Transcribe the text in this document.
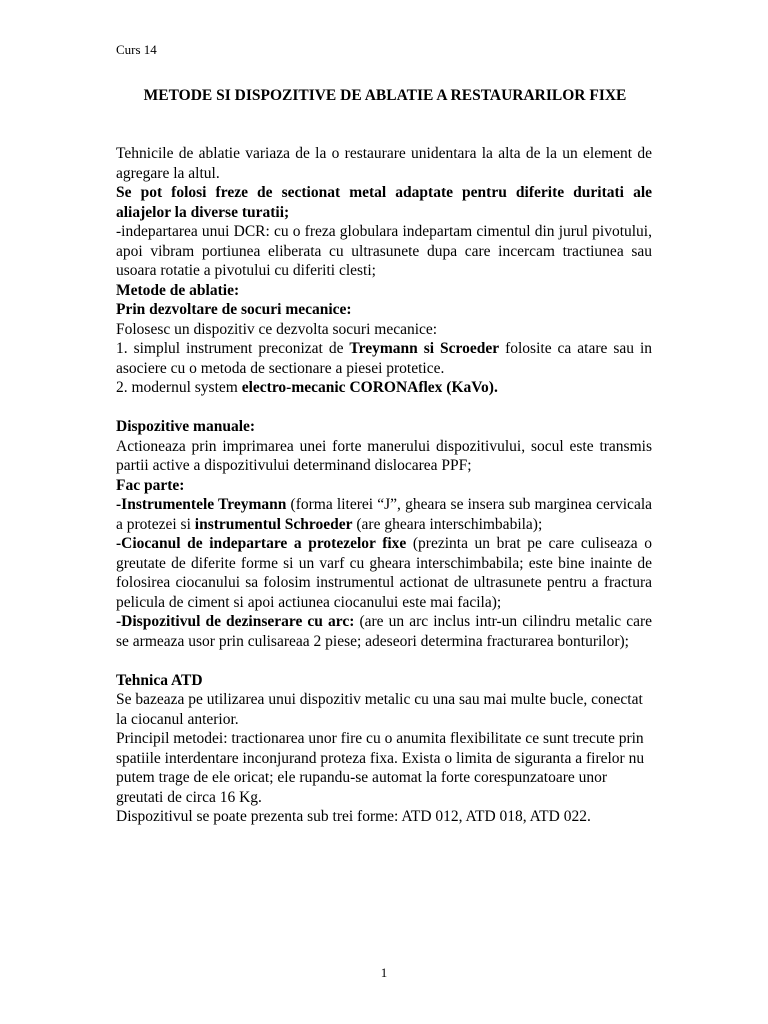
Curs 14
METODE SI DISPOZITIVE DE ABLATIE A RESTAURARILOR FIXE

Tehnicile de ablatie variaza de la o restaurare unidentara la alta de la un element de agregare la altul.

Se pot folosi freze de sectionat metal adaptate pentru diferite duritati ale aliajelor la diverse turatii;

-indepartarea unui DCR: cu o freza globulara indepartam cimentul din jurul pivotului, apoi vibram portiunea eliberata cu ultrasunete dupa care incercam tractiunea sau usoara rotatie a pivotului cu diferiti clesti;

Metode de ablatie:

Prin dezvoltare de socuri mecanice:

Folosesc un dispozitiv ce dezvolta socuri mecanice:

1. simplul instrument preconizat de Treymann si Scroeder folosite ca atare sau in asociere cu o metoda de sectionare a piesei protetice.

2. modernul system electro-mecanic CORONAflex (KaVo).

Dispozitive manuale:

Actioneaza prin imprimarea unei forte manerului dispozitivului, socul este transmis partii active a dispozitivului determinand dislocarea PPF;

Fac parte:

-Instrumentele Treymann (forma literei “J”, gheara se insera sub marginea cervicala a protezei si instrumentul Schroeder (are gheara interschimbabila);

-Ciocanul de indepartare a protezelor fixe (prezinta un brat pe care culiseaza o greutate de diferite forme si un varf cu gheara interschimbabila; este bine inainte de folosirea ciocanului sa folosim instrumentul actionat de ultrasunete pentru a fractura pelicula de ciment si apoi actiunea ciocanului este mai facila);

-Dispozitivul de dezinserare cu arc: (are un arc inclus intr-un cilindru metalic care se armeaza usor prin culisareaa 2 piese; adeseori determina fracturarea bonturilor);

Tehnica ATD

Se bazeaza pe utilizarea unui dispozitiv metalic cu una sau mai multe bucle, conectat la ciocanul anterior.

Principil metodei: tractionarea unor fire cu o anumita flexibilitate ce sunt trecute prin spatiile interdentare inconjurand proteza fixa. Exista o limita de siguranta a firelor nu putem trage de ele oricat; ele rupandu-se automat la forte corespunzatoare unor greutati de circa 16 Kg.

Dispozitivul se poate prezenta sub trei forme: ATD 012, ATD 018, ATD 022.

1
